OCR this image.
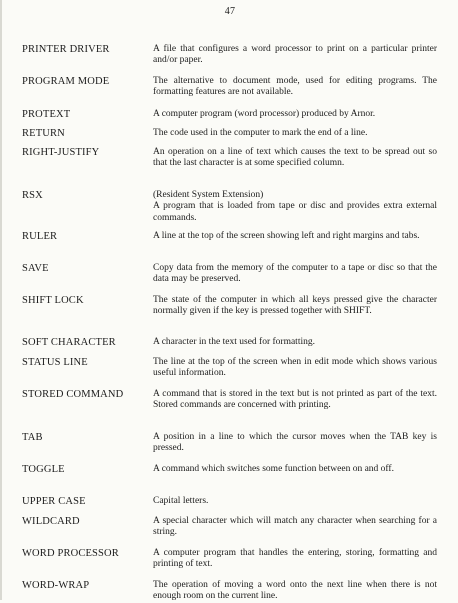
47
PRINTER DRIVER	A file that configures a word processor to print on a particular printer and/or paper.
PROGRAM MODE	The alternative to document mode, used for editing programs. The formatting features are not available.
PROTEXT	A computer program (word processor) produced by Arnor.
RETURN	The code used in the computer to mark the end of a line.
RIGHT-JUSTIFY	An operation on a line of text which causes the text to be spread out so that the last character is at some specified column.
RSX	(Resident System Extension)
A program that is loaded from tape or disc and provides extra external commands.
RULER	A line at the top of the screen showing left and right margins and tabs.
SAVE	Copy data from the memory of the computer to a tape or disc so that the data may be preserved.
SHIFT LOCK	The state of the computer in which all keys pressed give the character normally given if the key is pressed together with SHIFT.
SOFT CHARACTER	A character in the text used for formatting.
STATUS LINE	The line at the top of the screen when in edit mode which shows various useful information.
STORED COMMAND	A command that is stored in the text but is not printed as part of the text. Stored commands are concerned with printing.
TAB	A position in a line to which the cursor moves when the TAB key is pressed.
TOGGLE	A command which switches some function between on and off.
UPPER CASE	Capital letters.
WILDCARD	A special character which will match any character when searching for a string.
WORD PROCESSOR	A computer program that handles the entering, storing, formatting and printing of text.
WORD-WRAP	The operation of moving a word onto the next line when there is not enough room on the current line.
